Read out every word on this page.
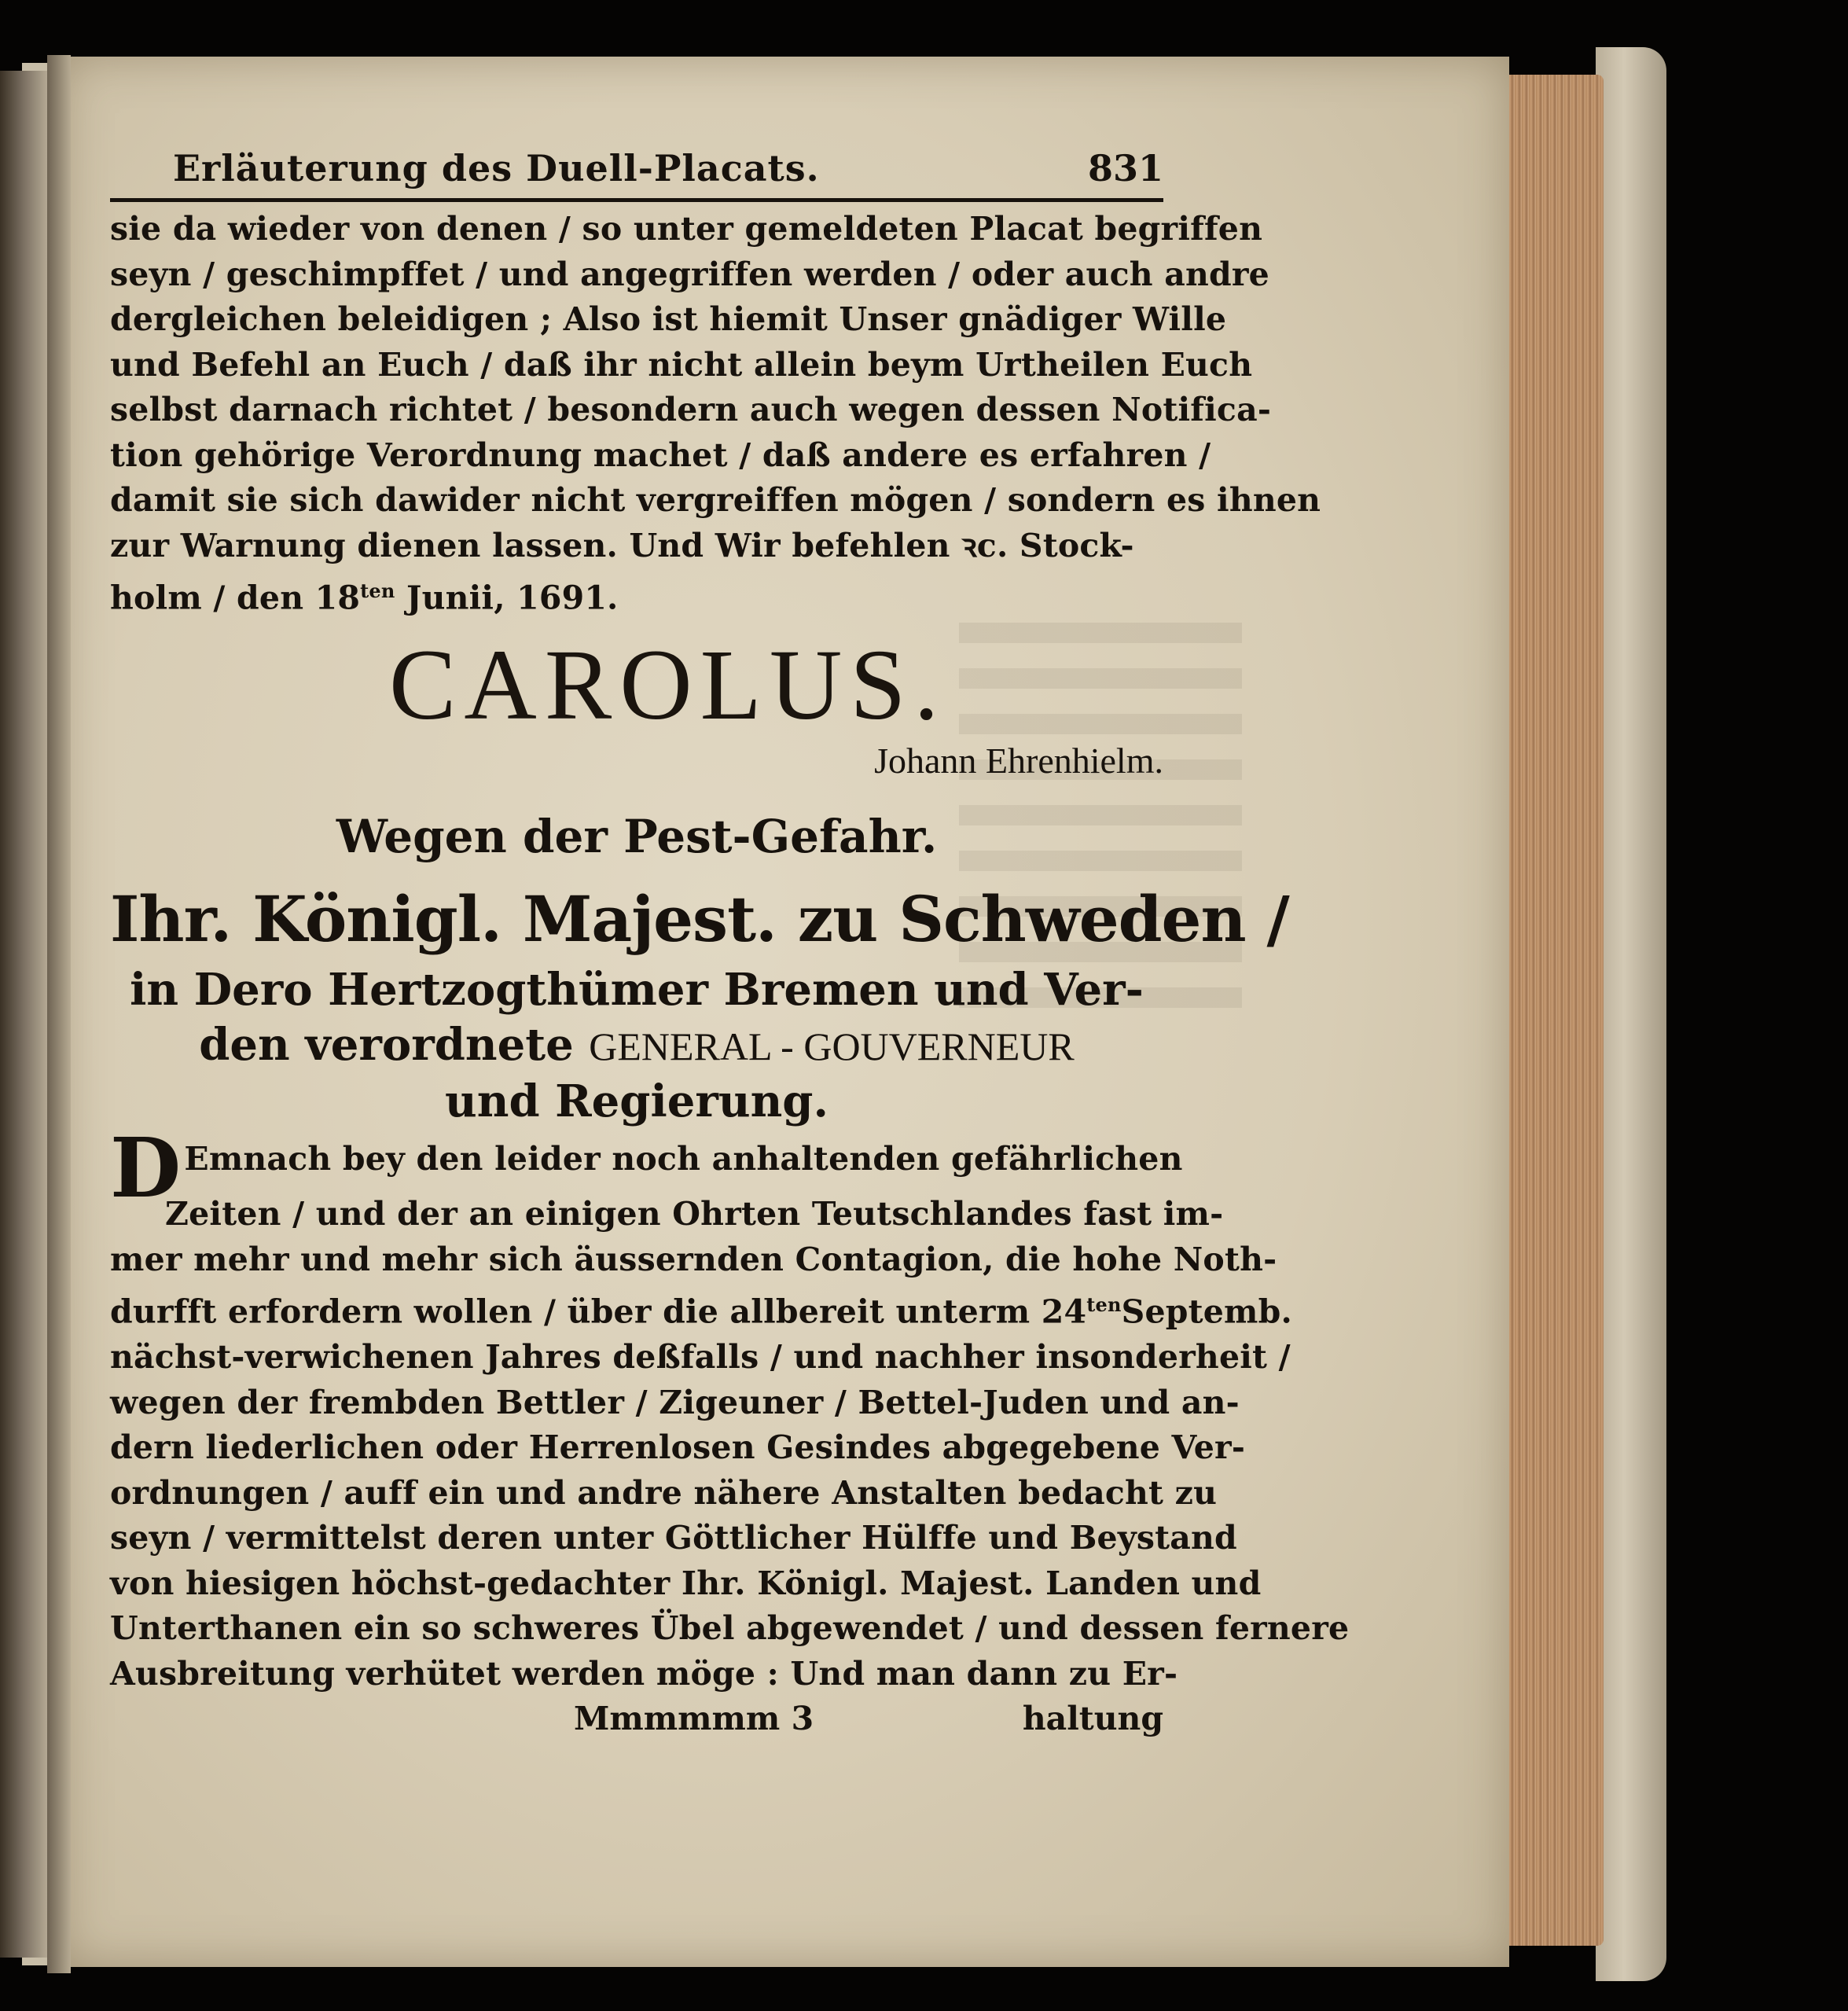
Erläuterung des Duell-Placats.	831
sie da wieder von denen / so unter gemeldeten Placat begriffen
seyn / geschimpffet / und angegriffen werden / oder auch andre
dergleichen beleidigen ; Also ist hiemit Unser gnädiger Wille
und Befehl an Euch / daß ihr nicht allein beym Urtheilen Euch
selbst darnach richtet / besondern auch wegen dessen Notifica-
tion gehörige Verordnung machet / daß andere es erfahren /
damit sie sich dawider nicht vergreiffen mögen / sondern es ihnen
zur Warnung dienen lassen. Und Wir befehlen ꝛc. Stock-
holm / den $18^{ten}$ Junii, 1691.
CAROLUS.
Johann Ehrenhielm.
Wegen der Pest-Gefahr.
Ihr. Königl. Majest. zu Schweden /
in Dero Hertzogthümer Bremen und Ver-
den verordnete GENERAL - GOUVERNEUR
und Regierung.
DEmnach bey den leider noch anhaltenden gefährlichen
Zeiten / und der an einigen Ohrten Teutschlandes fast im-
mer mehr und mehr sich äussernden Contagion, die hohe Noth-
durfft erfordern wollen / über die allbereit unterm $24^{ten}Septemb$.
nächst-verwichenen Jahres deßfalls / und nachher insonderheit /
wegen der frembden Bettler / Zigeuner / Bettel-Juden und an-
dern liederlichen oder Herrenlosen Gesindes abgegebene Ver-
ordnungen / auff ein und andre nähere Anstalten bedacht zu
seyn / vermittelst deren unter Göttlicher Hülffe und Beystand
von hiesigen höchst-gedachter Ihr. Königl. Majest. Landen und
Unterthanen ein so schweres Übel abgewendet / und dessen fernere
Ausbreitung verhütet werden möge : Und man dann zu Er-
Mmmmmm 3	haltung
